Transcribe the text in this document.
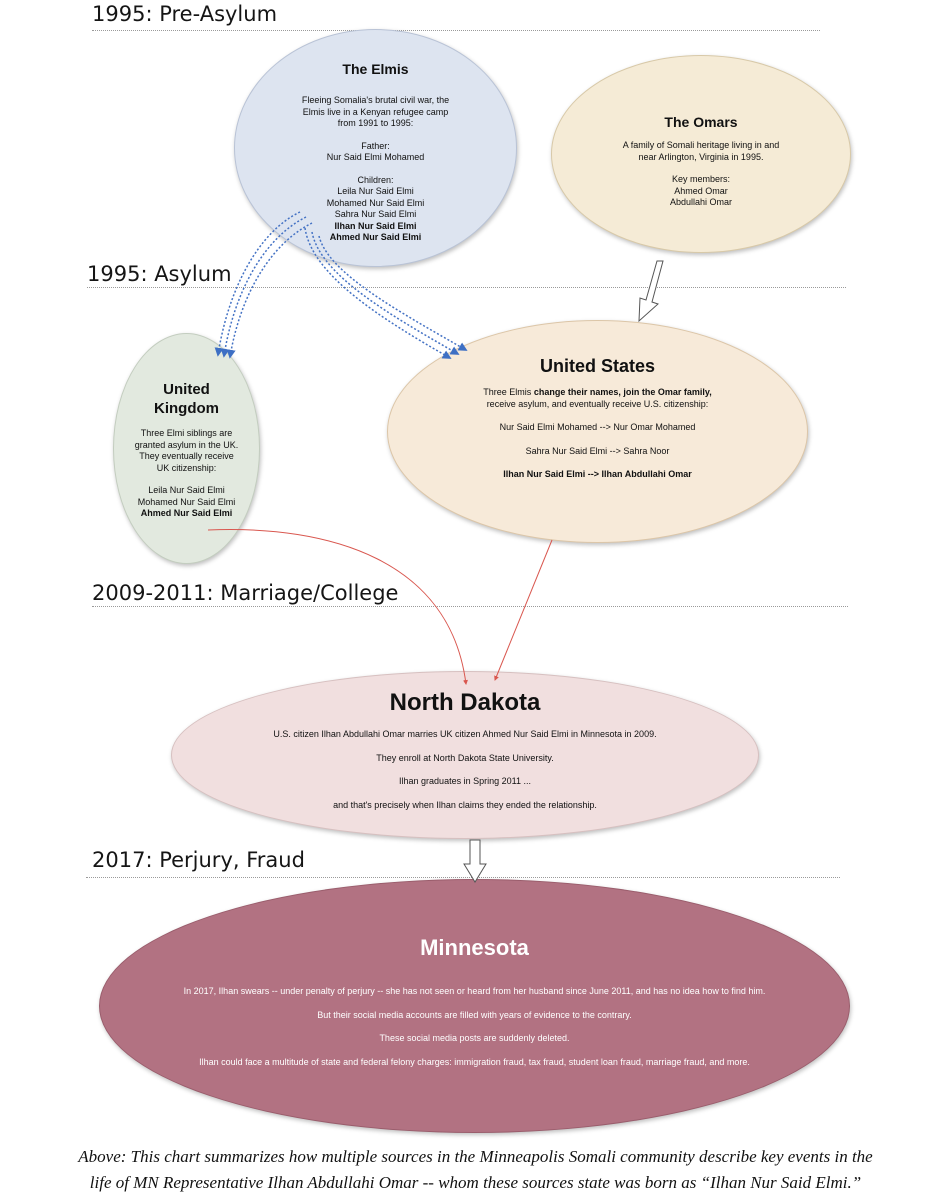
1995: Pre-Asylum
1995: Asylum
2009-2011: Marriage/College
2017: Perjury, Fraud
The Elmis

Fleeing Somalia's brutal civil war, the

Elmis live in a Kenyan refugee camp

from 1991 to 1995:

Father:

Nur Said Elmi Mohamed

Children:

Leila Nur Said Elmi

Mohamed Nur Said Elmi

Sahra Nur Said Elmi

Ilhan Nur Said Elmi

Ahmed Nur Said Elmi

The Omars

A family of Somali heritage living in and

near Arlington, Virginia in 1995.

Key members:

Ahmed Omar

Abdullahi Omar

United
Kingdom

Three Elmi siblings are

granted asylum in the UK.

They eventually receive

UK citizenship:

Leila Nur Said Elmi

Mohamed Nur Said Elmi

Ahmed Nur Said Elmi

United States

Three Elmis change their names, join the Omar family,

receive asylum, and eventually receive U.S. citizenship:

Nur Said Elmi Mohamed --> Nur Omar Mohamed

Sahra Nur Said Elmi --> Sahra Noor

Ilhan Nur Said Elmi --> Ilhan Abdullahi Omar

North Dakota

U.S. citizen Ilhan Abdullahi Omar marries UK citizen Ahmed Nur Said Elmi in Minnesota in 2009.

They enroll at North Dakota State University.

Ilhan graduates in Spring 2011 ...

and that's precisely when Ilhan claims they ended the relationship.

Minnesota

In 2017, Ilhan swears -- under penalty of perjury -- she has not seen or heard from her husband since June 2011, and has no idea how to find him.

But their social media accounts are filled with years of evidence to the contrary.

These social media posts are suddenly deleted.

Ilhan could face a multitude of state and federal felony charges: immigration fraud, tax fraud, student loan fraud, marriage fraud, and more.

Above: This chart summarizes how multiple sources in the Minneapolis Somali community describe key events in the
life of MN Representative Ilhan Abdullahi Omar -- whom these sources state was born as “Ilhan Nur Said Elmi.”
